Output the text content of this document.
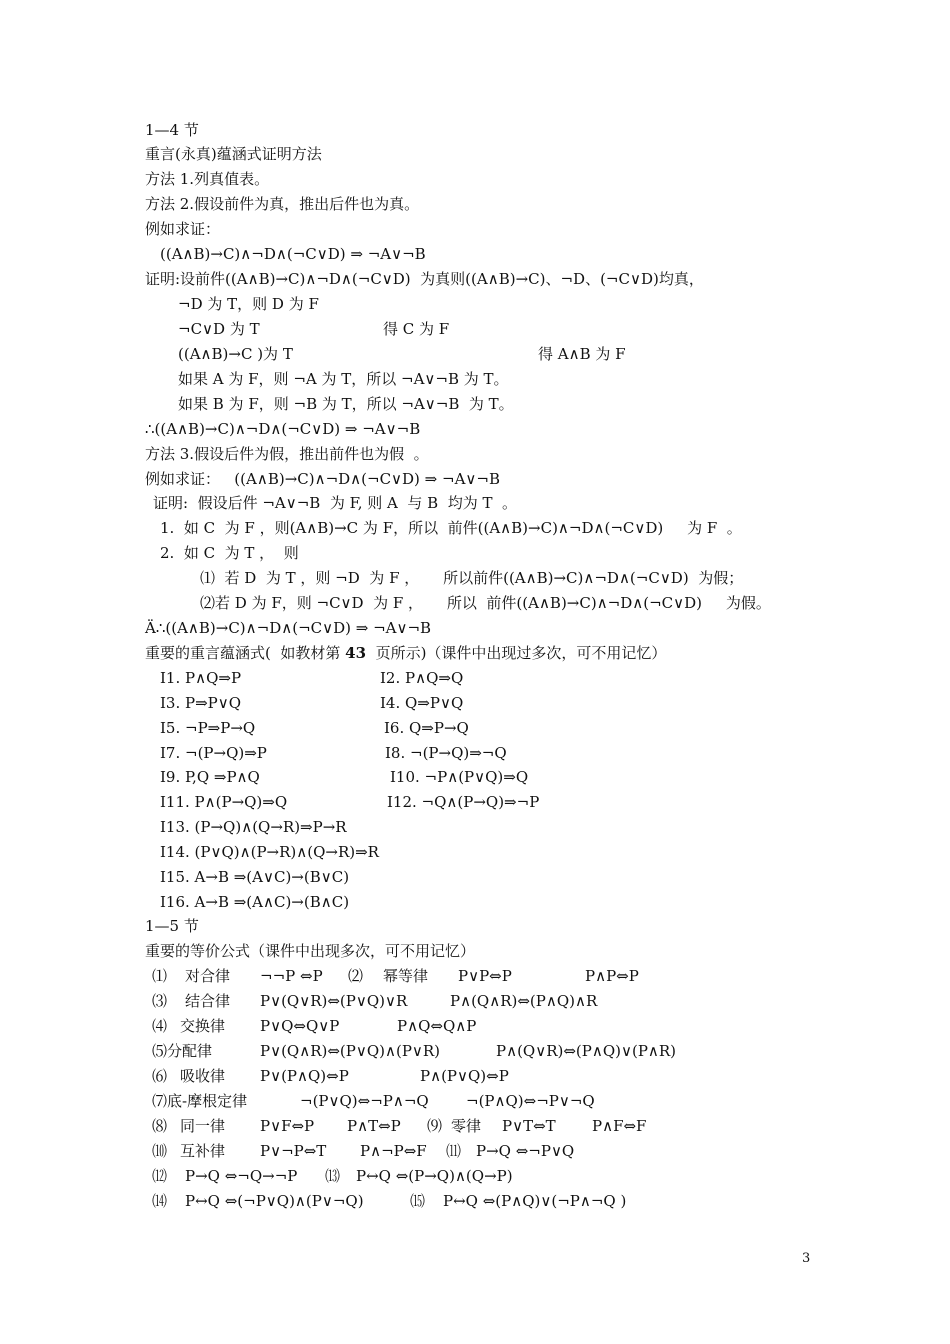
1—4 节
重言(永真)蕴涵式证明方法
方法 1.列真值表。
方法 2.假设前件为真，推出后件也为真。
例如求证：
((A∧B)→C)∧¬D∧(¬C∨D) ⇒ ¬A∨¬B
证明:设前件((A∧B)→C)∧¬D∧(¬C∨D)  为真则((A∧B)→C)、¬D、(¬C∨D)均真，
¬D 为 T，则 D 为 F
¬C∨D 为 T	得 C 为 F
((A∧B)→C )为 T	得 A∧B 为 F
如果 A 为 F，则 ¬A 为 T，所以 ¬A∨¬B 为 T。
如果 B 为 F，则 ¬B 为 T，所以 ¬A∨¬B  为 T。
∴((A∧B)→C)∧¬D∧(¬C∨D) ⇒ ¬A∨¬B
方法 3.假设后件为假，推出前件也为假  。
例如求证：   ((A∧B)→C)∧¬D∧(¬C∨D) ⇒ ¬A∨¬B
证明:  假设后件 ¬A∨¬B  为 F, 则 A  与 B  均为 T  。
1.  如 C  为 F ，则(A∧B)→C 为 F，所以  前件((A∧B)→C)∧¬D∧(¬C∨D)     为 F  。
2.  如 C  为 T ，  则
⑴  若 D  为 T ，则 ¬D  为 F ，     所以前件((A∧B)→C)∧¬D∧(¬C∨D)  为假；
⑵若 D 为 F，则 ¬C∨D  为 F ，     所以  前件((A∧B)→C)∧¬D∧(¬C∨D)     为假。
Ä∴((A∧B)→C)∧¬D∧(¬C∨D) ⇒ ¬A∨¬B
重要的重言蕴涵式(  如教材第 43  页所示)（课件中出现过多次，可不用记忆）
I1. P∧Q⇒P	I2. P∧Q⇒Q
I3. P⇒P∨Q	I4. Q⇒P∨Q
I5. ¬P⇒P→Q	I6. Q⇒P→Q
I7. ¬(P→Q)⇒P	I8. ¬(P→Q)⇒¬Q
I9. P,Q ⇒P∧Q	I10. ¬P∧(P∨Q)⇒Q
I11. P∧(P→Q)⇒Q	I12. ¬Q∧(P→Q)⇒¬P
I13. (P→Q)∧(Q→R)⇒P→R
I14. (P∨Q)∧(P→R)∧(Q→R)⇒R
I15. A→B ⇒(A∨C)→(B∨C)
I16. A→B ⇒(A∧C)→(B∧C)
1—5 节
重要的等价公式（课件中出现多次，可不用记忆）
⑴ 对合律 ¬¬P ⇔P ⑵ 幂等律 P∨P⇔P	P∧P⇔P
⑶ 结合律 P∨(Q∨R)⇔(P∨Q)∨R	P∧(Q∧R)⇔(P∧Q)∧R
⑷ 交换律 P∨Q⇔Q∨P	P∧Q⇔Q∧P
⑸分配律	P∨(Q∧R)⇔(P∨Q)∧(P∨R)	P∧(Q∨R)⇔(P∧Q)∨(P∧R)
⑹ 吸收律 P∨(P∧Q)⇔P	P∧(P∨Q)⇔P
⑺底-摩根定律	¬(P∨Q)⇔¬P∧¬Q ¬(P∧Q)⇔¬P∨¬Q
⑻ 同一律 P∨F⇔P P∧T⇔P ⑼ 零律 P∨T⇔T P∧F⇔F
⑽ 互补律 P∨¬P⇔T P∧¬P⇔F ⑾ P→Q ⇔¬P∨Q
⑿ P→Q ⇔¬Q→¬P ⒀ P↔Q ⇔(P→Q)∧(Q→P)
⒁ P↔Q ⇔(¬P∨Q)∧(P∨¬Q)	⒂ P↔Q ⇔(P∧Q)∨(¬P∧¬Q )
3
